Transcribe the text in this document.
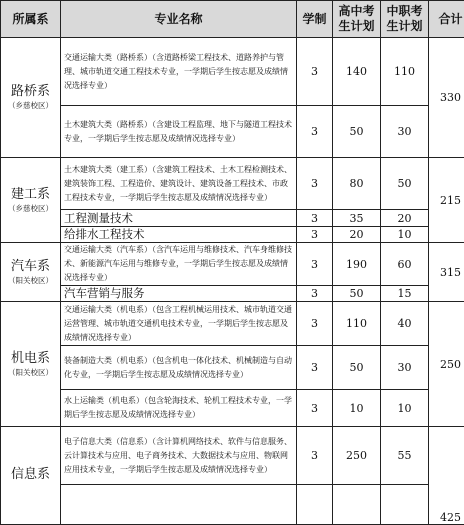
所属系	专业名称	学制	高中考生计划	中职考生计划	合计

路桥系
（乡慈校区）	交通运输大类（路桥系）（含道路桥梁工程技术、道路养护与管理、城市轨道交通工程技术专业，一学期后学生按志愿及成绩情况选择专业）	3	140	110	330
	土木建筑大类（路桥系）（含建设工程监理、地下与隧道工程技术专业，一学期后学生按志愿及成绩情况选择专业）	3	50	30	

建工系
（乡慈校区）	土木建筑大类（建工系）（含建筑工程技术、土木工程检测技术、建筑装饰工程、工程造价、建筑设计、建筑设备工程技术、市政工程技术专业，一学期后学生按志愿及成绩情况选择专业）	3	80	50	215
	工程测量技术	3	35	20	
	给排水工程技术	3	20	10	

汽车系
（阳关校区）	交通运输大类（汽车系）（含汽车运用与维修技术、汽车身维修技术、新能源汽车运用与维修专业，一学期后学生按志愿及成绩情况选择专业）	3	190	60	315
	汽车营销与服务	3	50	15	

机电系
（阳关校区）	交通运输大类（机电系）（包含工程机械运用技术、城市轨道交通运营管理、城市轨道交通机电技术专业，一学期后学生按志愿及成绩情况选择专业）	3	110	40	250
	装备制造大类（机电系）（包含机电一体化技术、机械制造与自动化专业，一学期后学生按志愿及成绩情况选择专业）	3	50	30	
	水上运输类（机电系）（包含轮海技术、轮机工程技术专业，一学期后学生按志愿及成绩情况选择专业）	3	10	10	

信息系	电子信息大类（信息系）（含计算机网络技术、软件与信息服务、云计算技术与应用、电子商务技术、大数据技术与应用、物联网应用技术专业，一学期后学生按志愿及成绩情况选择专业）	3	250	55	425
